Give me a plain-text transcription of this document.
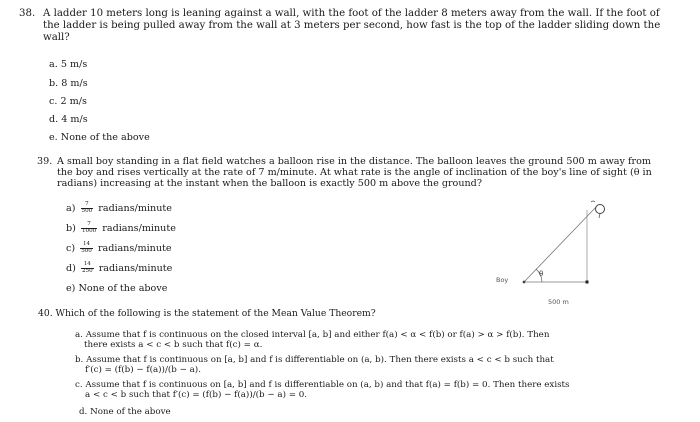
38. A ladder 10 meters long is leaning against a wall, with the foot of the ladder 8 meters away from the wall. If the foot of the ladder is being pulled away from the wall at 3 meters per second, how fast is the top of the ladder sliding down the wall?
a. 5 m/s
b. 8 m/s
c. 2 m/s
d. 4 m/s
e. None of the above
39. A small boy standing in a flat field watches a balloon rise in the distance. The balloon leaves the ground 500 m away from the boy and rises vertically at the rate of 7 m/minute. At what rate is the angle of inclination of the boy's line of sight (θ in radians) increasing at the instant when the balloon is exactly 500 m above the ground?
$a) \frac{7}{500}$ radians/minute
$b) \frac{7}{1000}$ radians/minute
$c) \frac{14}{500}$ radians/minute
$d) \frac{14}{250}$ radians/minute
e) None of the above
Boy
θ
500 m
40. Which of the following is the statement of the Mean Value Theorem?
a. Assume that f is continuous on the closed interval [a, b] and either f(a) < α < f(b) or f(a) > α > f(b). Then
there exists a < c < b such that f(c) = α.
b. Assume that f is continuous on [a, b] and f is differentiable on (a, b). Then there exists a < c < b such that
f′(c) = (f(b) − f(a))/(b − a).
c. Assume that f is continuous on [a, b] and f is differentiable on (a, b) and that f(a) = f(b) = 0. Then there exists
a < c < b such that f′(c) = (f(b) − f(a))/(b − a) = 0.
d. None of the above
